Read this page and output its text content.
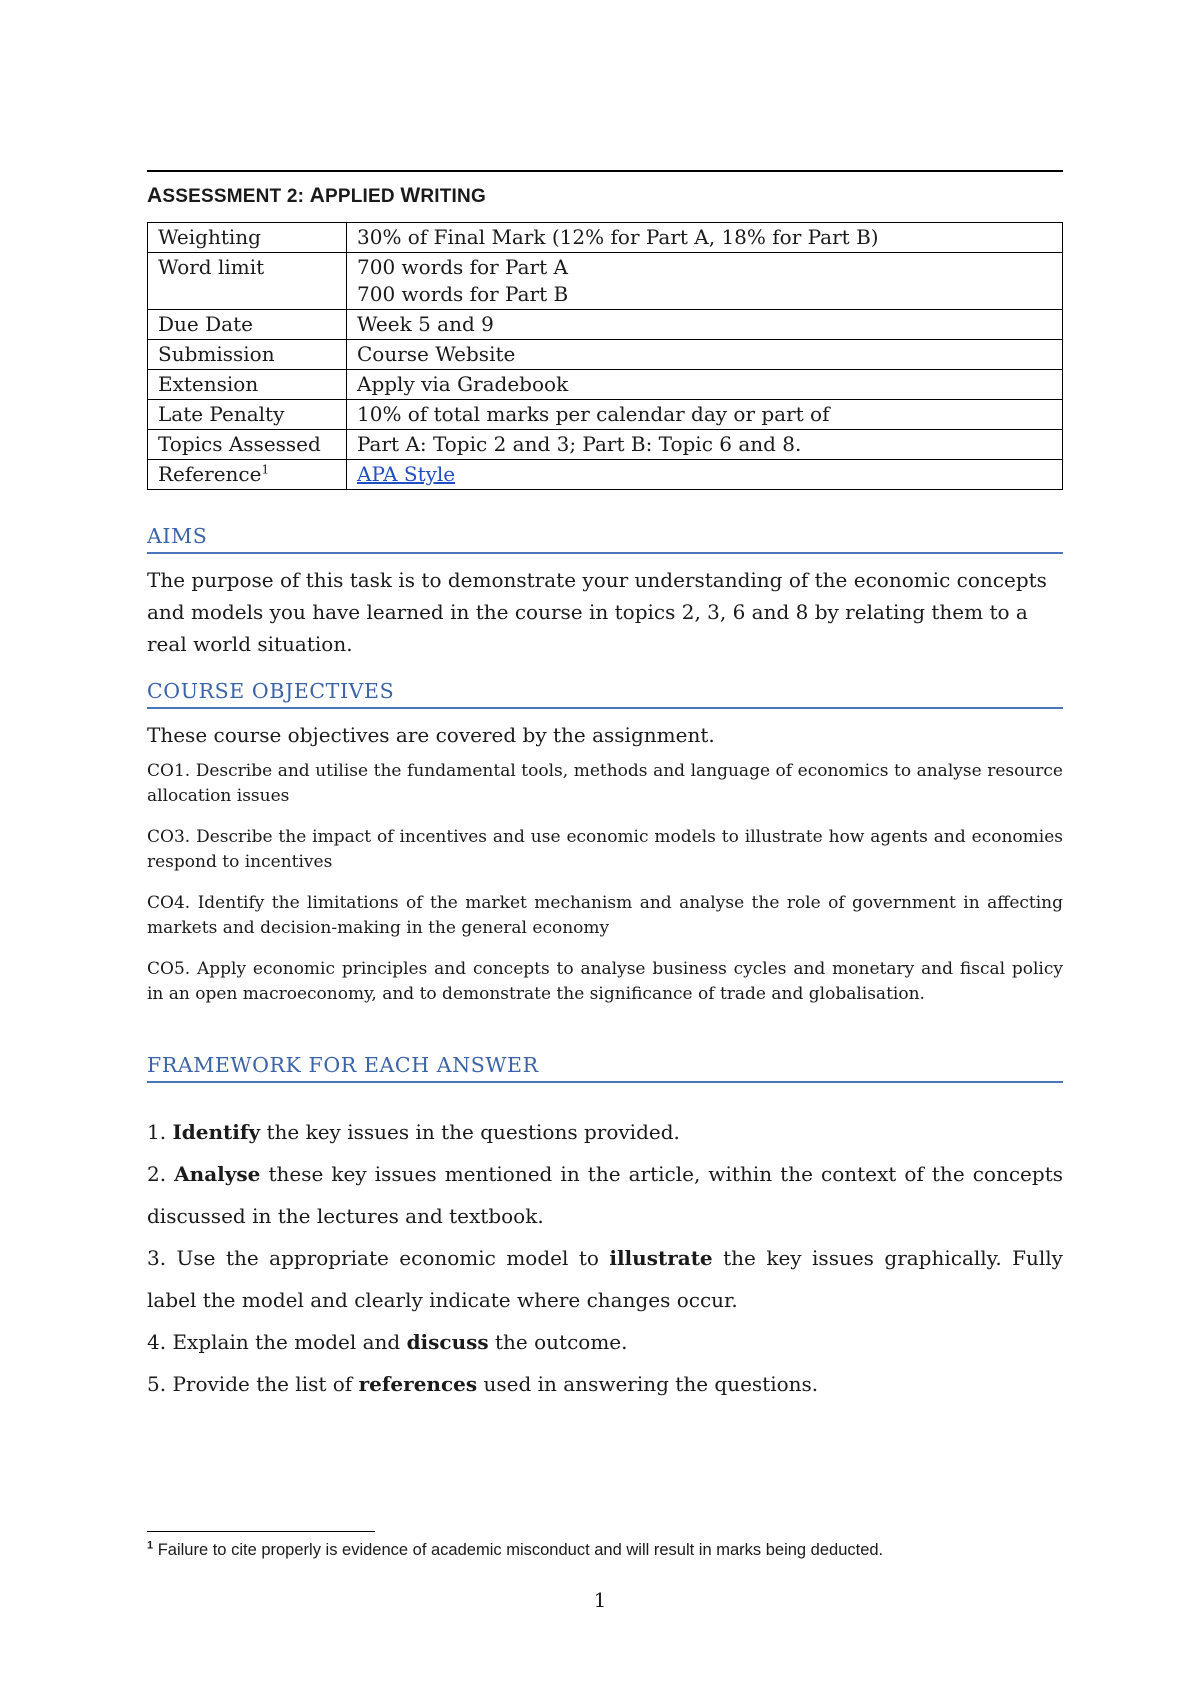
ASSESSMENT 2: APPLIED WRITING
Weighting	30% of Final Mark (12% for Part A, 18% for Part B)
Word limit	700 words for Part A
700 words for Part B

Due Date	Week 5 and 9
Submission	Course Website
Extension	Apply via Gradebook
Late Penalty	10% of total marks per calendar day or part of
Topics Assessed	Part A: Topic 2 and 3; Part B: Topic 6 and 8.
Reference$^1$	APA Style
AIMS
The purpose of this task is to demonstrate your understanding of the economic concepts and models you have learned in the course in topics 2, 3, 6 and 8 by relating them to a real world situation.
COURSE OBJECTIVES
These course objectives are covered by the assignment.

CO1. Describe and utilise the fundamental tools, methods and language of economics to analyse resource allocation issues

CO3. Describe the impact of incentives and use economic models to illustrate how agents and economies respond to incentives

CO4. Identify the limitations of the market mechanism and analyse the role of government in affecting markets and decision-making in the general economy

CO5. Apply economic principles and concepts to analyse business cycles and monetary and fiscal policy in an open macroeconomy, and to demonstrate the significance of trade and globalisation.

FRAMEWORK FOR EACH ANSWER

1. Identify the key issues in the questions provided.

2. Analyse these key issues mentioned in the article, within the context of the concepts discussed in the lectures and textbook.

3. Use the appropriate economic model to illustrate the key issues graphically. Fully label the model and clearly indicate where changes occur.

4. Explain the model and discuss the outcome.

5. Provide the list of references used in answering the questions.

$^1$ Failure to cite properly is evidence of academic misconduct and will result in marks being deducted.
1
